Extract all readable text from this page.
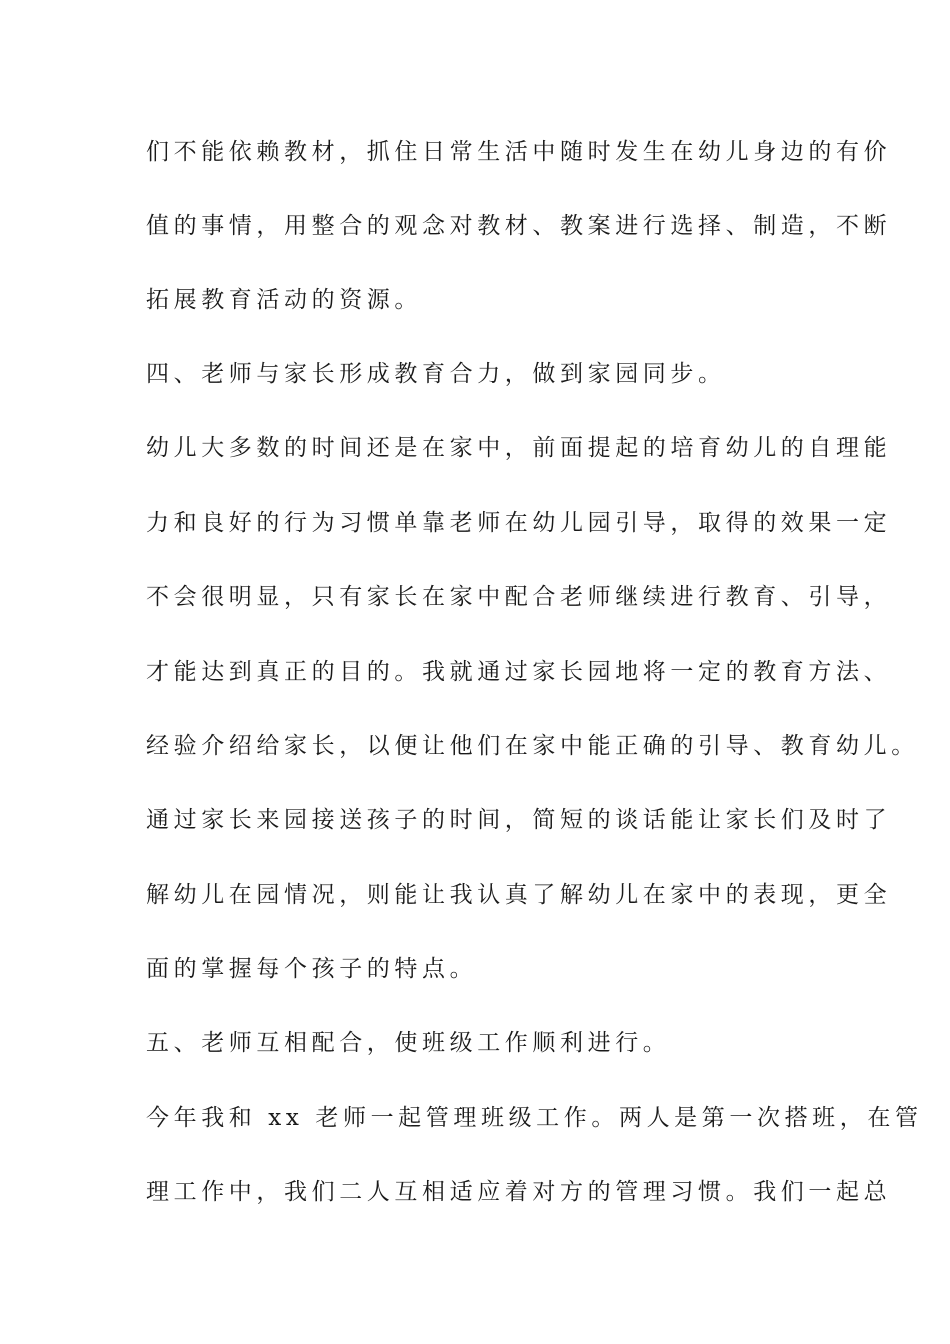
们不能依赖教材，抓住日常生活中随时发生在幼儿身边的有价
值的事情，用整合的观念对教材、教案进行选择、制造，不断
拓展教育活动的资源。
四、老师与家长形成教育合力，做到家园同步。
幼儿大多数的时间还是在家中，前面提起的培育幼儿的自理能
力和良好的行为习惯单靠老师在幼儿园引导，取得的效果一定
不会很明显，只有家长在家中配合老师继续进行教育、引导，
才能达到真正的目的。我就通过家长园地将一定的教育方法、
经验介绍给家长，以便让他们在家中能正确的引导、教育幼儿。
通过家长来园接送孩子的时间，简短的谈话能让家长们及时了
解幼儿在园情况，则能让我认真了解幼儿在家中的表现，更全
面的掌握每个孩子的特点。
五、老师互相配合，使班级工作顺利进行。
今年我和 xx 老师一起管理班级工作。两人是第一次搭班，在管
理工作中，我们二人互相适应着对方的管理习惯。我们一起总
